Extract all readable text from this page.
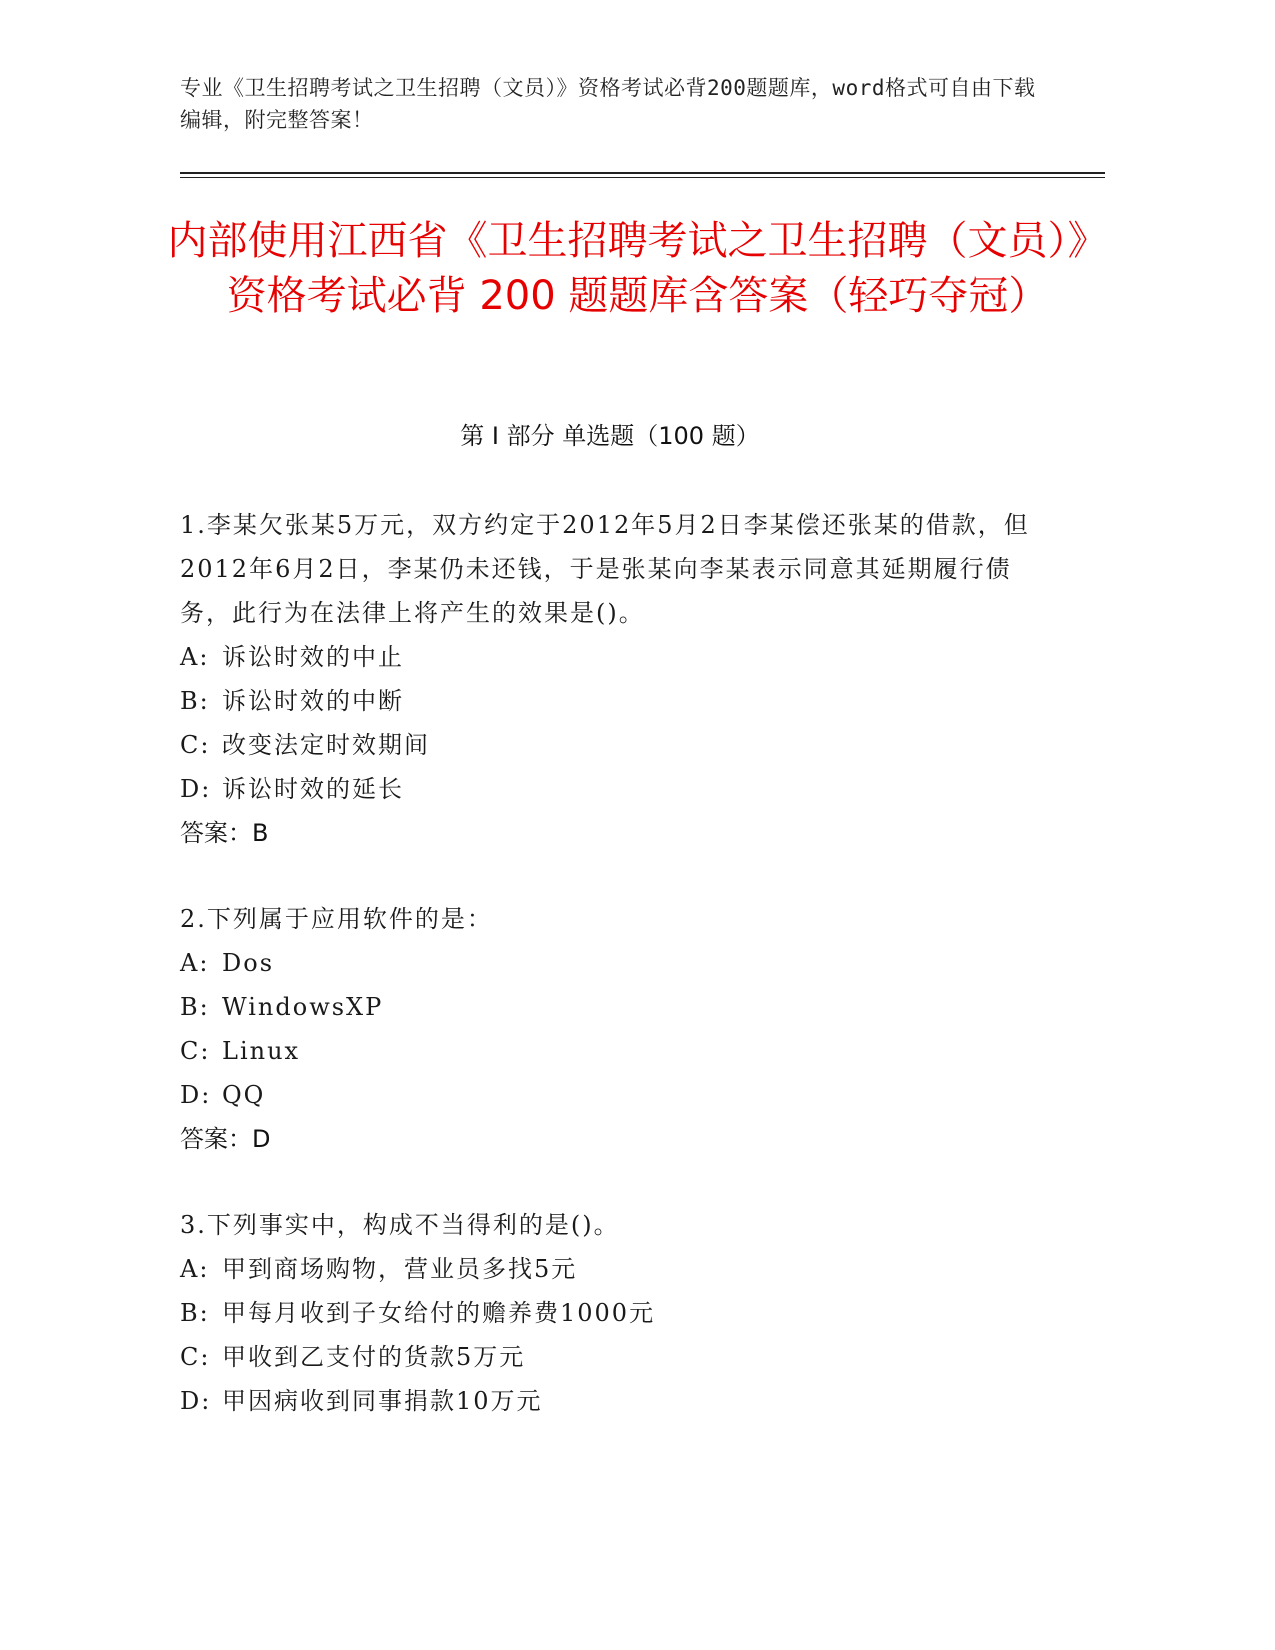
专业《卫生招聘考试之卫生招聘（文员）》资格考试必背200题题库，word格式可自由下载编辑，附完整答案！
内部使用江西省《卫生招聘考试之卫生招聘（文员）》资格考试必背 200 题题库含答案（轻巧夺冠）
第 I 部分 单选题（100 题）

1.李某欠张某5万元，双方约定于2012年5月2日李某偿还张某的借款，但2012年6月2日，李某仍未还钱，于是张某向李某表示同意其延期履行债务，此行为在法律上将产生的效果是()。

A: 诉讼时效的中止

B: 诉讼时效的中断

C: 改变法定时效期间

D: 诉讼时效的延长

答案：B

2.下列属于应用软件的是：

A: Dos

B: WindowsXP

C: Linux

D: QQ

答案：D

3.下列事实中，构成不当得利的是()。

A: 甲到商场购物，营业员多找5元

B: 甲每月收到子女给付的赡养费1000元

C: 甲收到乙支付的货款5万元

D: 甲因病收到同事捐款10万元
